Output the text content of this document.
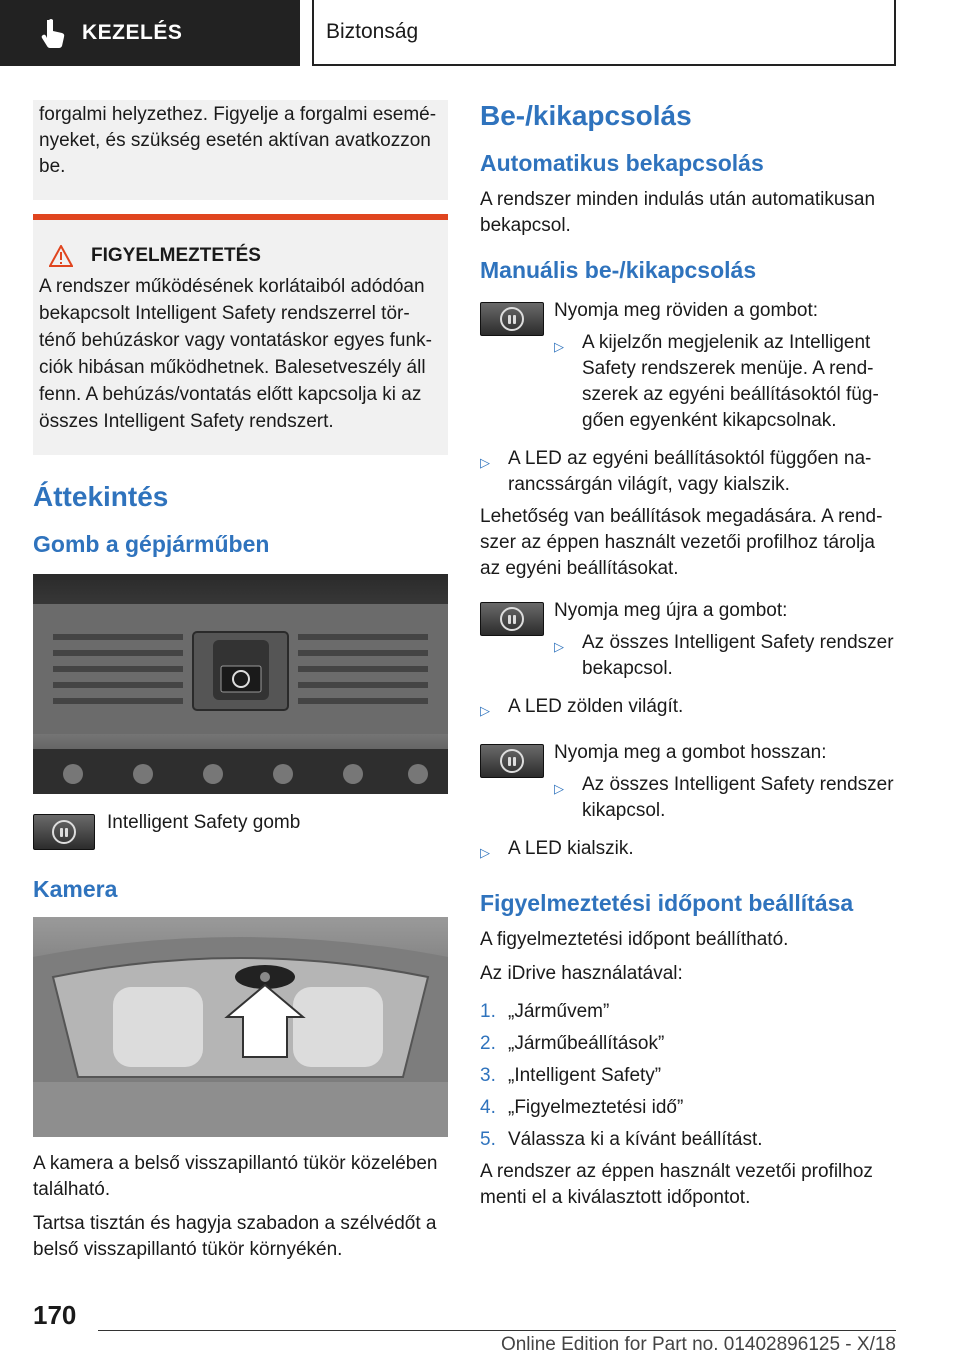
KEZELÉS	Biztonság
forgalmi helyzethez. Figyelje a forgalmi esemé-nyeket, és szükség esetén aktívan avatkozzon be.
FIGYELMEZTETÉS
A rendszer működésének korlátaiból adódóan bekapcsolt Intelligent Safety rendszerrel tör-ténő behúzáskor vagy vontatáskor egyes funk-ciók hibásan működhetnek. Balesetveszély áll fenn. A behúzás/vontatás előtt kapcsolja ki az összes Intelligent Safety rendszert.
Áttekintés
Gomb a gépjárműben
Intelligent Safety gomb
Kamera

A kamera a belső visszapillantó tükör közelében található.

Tartsa tisztán és hagyja szabadon a szélvédőt a belső visszapillantó tükör környékén.

Be-/kikapcsolás
Automatikus bekapcsolás

A rendszer minden indulás után automatikusan bekapcsol.

Manuális be-/kikapcsolás
Nyomja meg röviden a gombot:
▷ A kijelzőn megjelenik az Intelligent Safety rendszerek menüje. A rend-szerek az egyéni beállításoktól füg-gően egyenként kikapcsolnak.
▷ A LED az egyéni beállításoktól függően na-rancssárgán világít, vagy kialszik.

Lehetőség van beállítások megadására. A rend-szer az éppen használt vezetői profilhoz tárolja az egyéni beállításokat.

Nyomja meg újra a gombot:
▷ Az összes Intelligent Safety rendszer bekapcsol.
▷ A LED zölden világít.
Nyomja meg a gombot hosszan:
▷ Az összes Intelligent Safety rendszer kikapcsol.
▷ A LED kialszik.
Figyelmeztetési időpont beállítása

A figyelmeztetési időpont beállítható.

Az iDrive használatával:

1. „Járművem”
2. „Járműbeállítások”
3. „Intelligent Safety”
4. „Figyelmeztetési idő”
5. Válassza ki a kívánt beállítást.

A rendszer az éppen használt vezetői profilhoz menti el a kiválasztott időpontot.

170
Online Edition for Part no. 01402896125 - X/18
